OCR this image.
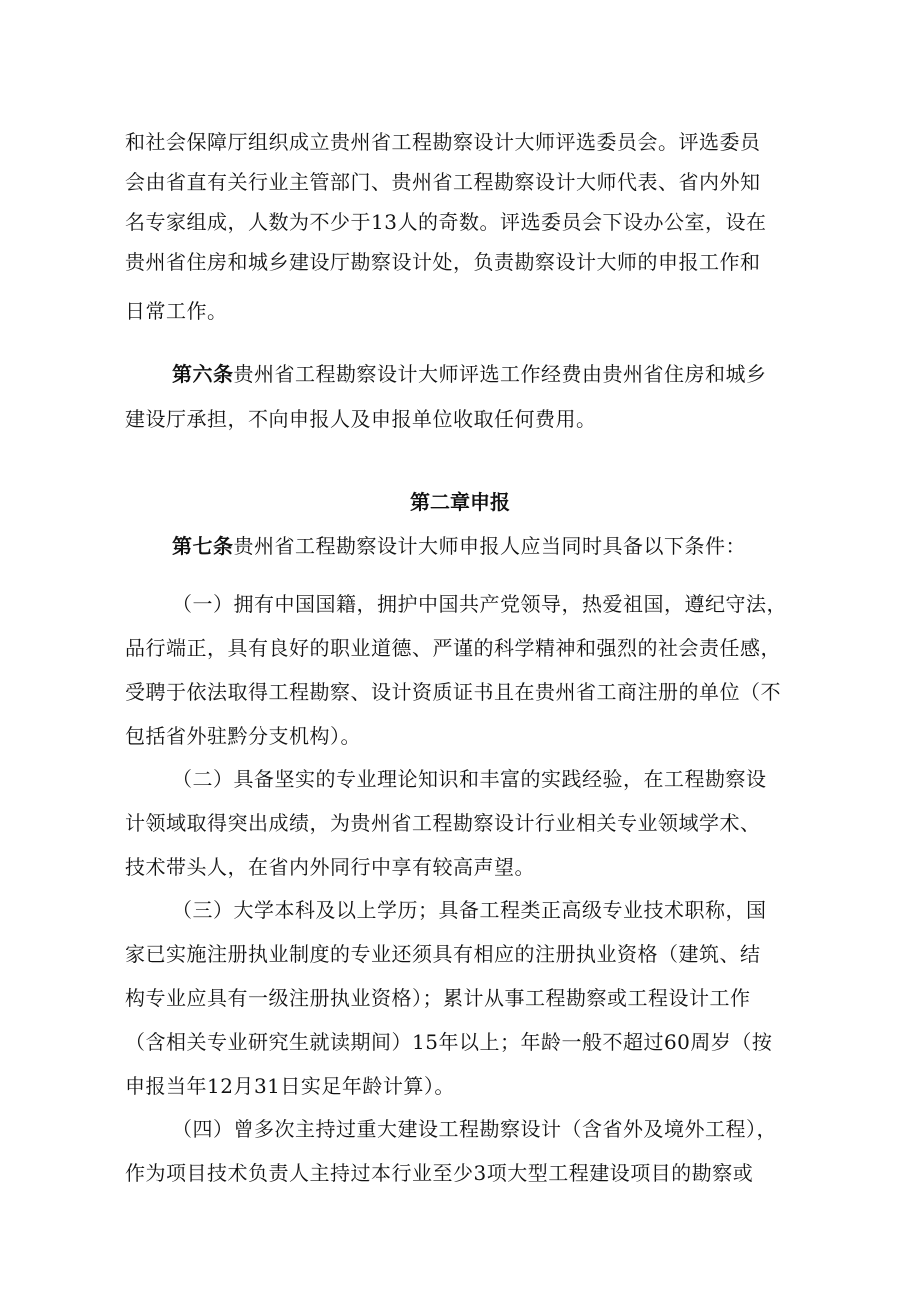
和社会保障厅组织成立贵州省工程勘察设计大师评选委员会。评选委员
会由省直有关行业主管部门、贵州省工程勘察设计大师代表、省内外知
名专家组成，人数为不少于13人的奇数。评选委员会下设办公室，设在
贵州省住房和城乡建设厅勘察设计处，负责勘察设计大师的申报工作和
日常工作。
第六条贵州省工程勘察设计大师评选工作经费由贵州省住房和城乡
建设厅承担，不向申报人及申报单位收取任何费用。
第二章申报
第七条贵州省工程勘察设计大师申报人应当同时具备以下条件：
（一）拥有中国国籍，拥护中国共产党领导，热爱祖国，遵纪守法，
品行端正，具有良好的职业道德、严谨的科学精神和强烈的社会责任感，
受聘于依法取得工程勘察、设计资质证书且在贵州省工商注册的单位（不
包括省外驻黔分支机构）。
（二）具备坚实的专业理论知识和丰富的实践经验，在工程勘察设
计领域取得突出成绩，为贵州省工程勘察设计行业相关专业领域学术、
技术带头人，在省内外同行中享有较高声望。
（三）大学本科及以上学历；具备工程类正高级专业技术职称，国
家已实施注册执业制度的专业还须具有相应的注册执业资格（建筑、结
构专业应具有一级注册执业资格）；累计从事工程勘察或工程设计工作
（含相关专业研究生就读期间）15年以上；年龄一般不超过60周岁（按
申报当年12月31日实足年龄计算）。
（四）曾多次主持过重大建设工程勘察设计（含省外及境外工程），
作为项目技术负责人主持过本行业至少3项大型工程建设项目的勘察或
